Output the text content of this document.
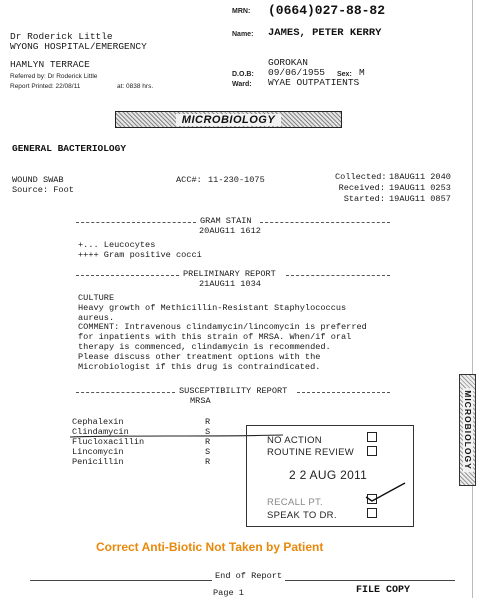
Dr Roderick Little
WYONG HOSPITAL/EMERGENCY
HAMLYN TERRACE
Referred by: Dr Roderick Little
Report Printed: 22/08/11	at: 0838 hrs.
MRN: (0664)027-88-82
Name: JAMES, PETER KERRY
GOROKAN
D.O.B: 09/06/1955 Sex: M
Ward: WYAE OUTPATIENTS
MICROBIOLOGY
GENERAL BACTERIOLOGY
WOUND SWAB
Source: Foot
ACC#: 11-230-1075	Collected: 18AUG11 2040
Received: 19AUG11 0253
Started: 19AUG11 0857
GRAM STAIN
20AUG11 1612
+... Leucocytes
++++ Gram positive cocci
PRELIMINARY REPORT
21AUG11 1034
CULTURE
Heavy growth of Methicillin-Resistant Staphylococcus
aureus.
COMMENT: Intravenous clindamycin/lincomycin is preferred
for inpatients with this strain of MRSA. When/if oral
therapy is commenced, clindamycin is recommended.
Please discuss other treatment options with the
Microbiologist if this drug is contraindicated.
SUSCEPTIBILITY REPORT
MRSA
Cephalexin	R
Clindamycin	S
Flucloxacillin	R
Lincomycin	S
Penicillin	R
NO ACTION
ROUTINE REVIEW
2 2 AUG 2011
RECALL PT.
SPEAK TO DR.
MICROBIOLOGY
Correct Anti-Biotic Not Taken by Patient
End of Report
Page 1	FILE COPY
